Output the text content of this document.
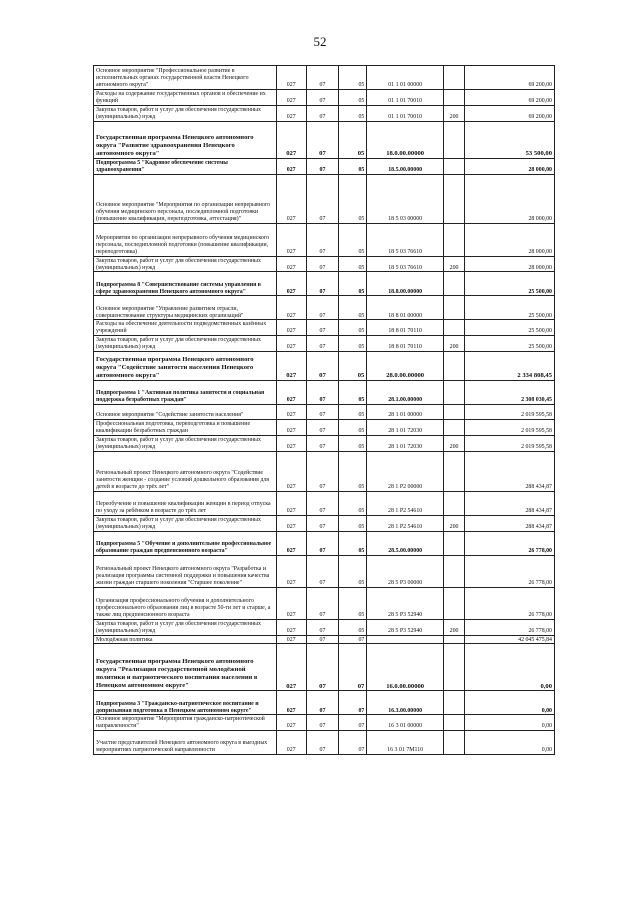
52
Основное мероприятие "Профессиональное развитие в исполнительных органах государственной власти Ненецкого автономного округа"	027	07	05	01 1 01 00000		69 200,00
Расходы на содержание государственных органов и обеспечение их функций	027	07	05	01 1 01 70010		69 200,00
Закупка товаров, работ и услуг для обеспечения государственных (муниципальных) нужд	027	07	05	01 1 01 70010	200	69 200,00
Государственная программа Ненецкого автономного округа "Развитие здравоохранения Ненецкого автономного округа"	027	07	05	18.0.00.00000		53 500,00
Подпрограмма 5 "Кадровое обеспечение системы здравоохранения"	027	07	05	18.5.00.00000		28 000,00
Основное мероприятие "Мероприятия по организации непрерывного обучения медицинского персонала, последипломной подготовки (повышение квалификации, переподготовка, аттестация)"	027	07	05	18 5 03 00000		28 000,00
Мероприятия по организации непрерывного обучения медицинского персонала, последипломной подготовки (повышение квалификации, переподготовка)	027	07	05	18 5 03 76610		28 000,00
Закупка товаров, работ и услуг для обеспечения государственных (муниципальных) нужд	027	07	05	18 5 03 76610	200	28 000,00
Подпрограмма 8 "Совершенствование системы управления в сфере здравоохранения Ненецкого автономного округа"	027	07	05	18.8.00.00000		25 500,00
Основное мероприятие "Управление развитием отрасли, совершенствование структуры медицинских организаций"	027	07	05	18 8 01 00000		25 500,00
Расходы на обеспечение деятельности подведомственных казённых учреждений	027	07	05	18 8 01 70110		25 500,00
Закупка товаров, работ и услуг для обеспечения государственных (муниципальных) нужд	027	07	05	18 8 01 70110	200	25 500,00
Государственная программа Ненецкого автономного округа "Содействие занятости населения Ненецкого автономного округа"	027	07	05	28.0.00.00000		2 334 808,45
Подпрограмма 1 "Активная политика занятости и социальная поддержка безработных граждан"	027	07	05	28.1.00.00000		2 308 030,45
Основное мероприятие "Содействие занятости населения"	027	07	05	28 1 01 00000		2 019 595,58
Профессиональная подготовка, переподготовка и повышение квалификации безработных граждан	027	07	05	28 1 01 72030		2 019 595,58
Закупка товаров, работ и услуг для обеспечения государственных (муниципальных) нужд	027	07	05	28 1 01 72030	200	2 019 595,58
Региональный проект Ненецкого автономного округа "Содействие занятости женщин - создание условий дошкольного образования для детей в возрасте до трёх лет"	027	07	05	28 1 P2 00000		288 434,87
Переобучение и повышение квалификации женщин в период отпуска по уходу за ребёнком в возрасте до трёх лет	027	07	05	28 1 P2 54610		288 434,87
Закупка товаров, работ и услуг для обеспечения государственных (муниципальных) нужд	027	07	05	28 1 P2 54610	200	288 434,87
Подпрограмма 5 "Обучение и дополнительное профессиональное образование граждан предпенсионного возраста"	027	07	05	28.5.00.00000		26 778,00
Региональный проект Ненецкого автономного округа "Разработка и реализация программы системной поддержки и повышения качества жизни граждан старшего поколения "Старшее поколение"	027	07	05	28 5 P3 00000		26 778,00
Организация профессионального обучения и дополнительного профессионального образования лиц в возрасте 50-ти лет и старше, а также лиц предпенсионного возраста	027	07	05	28 5 P3 52940		26 778,00
Закупка товаров, работ и услуг для обеспечения государственных (муниципальных) нужд	027	07	05	28 5 P3 52940	200	26 778,00
Молодёжная политика	027	07	07			42 045 475,84
Государственная программа Ненецкого автономного округа "Реализация государственной молодёжной политики и патриотического воспитания населения в Ненецком автономном округе"	027	07	07	16.0.00.00000		0,00
Подпрограмма 3 "Гражданско-патриотическое воспитание и допризывная подготовка в Ненецком автономном округе"	027	07	07	16.3.00.00000		0,00
Основное мероприятие "Мероприятия гражданско-патриотической направленности"	027	07	07	16 3 01 00000		0,00
Участие представителей Ненецкого автономного округа в выездных мероприятиях патриотической направленности	027	07	07	16 3 01 7M110		0,00
